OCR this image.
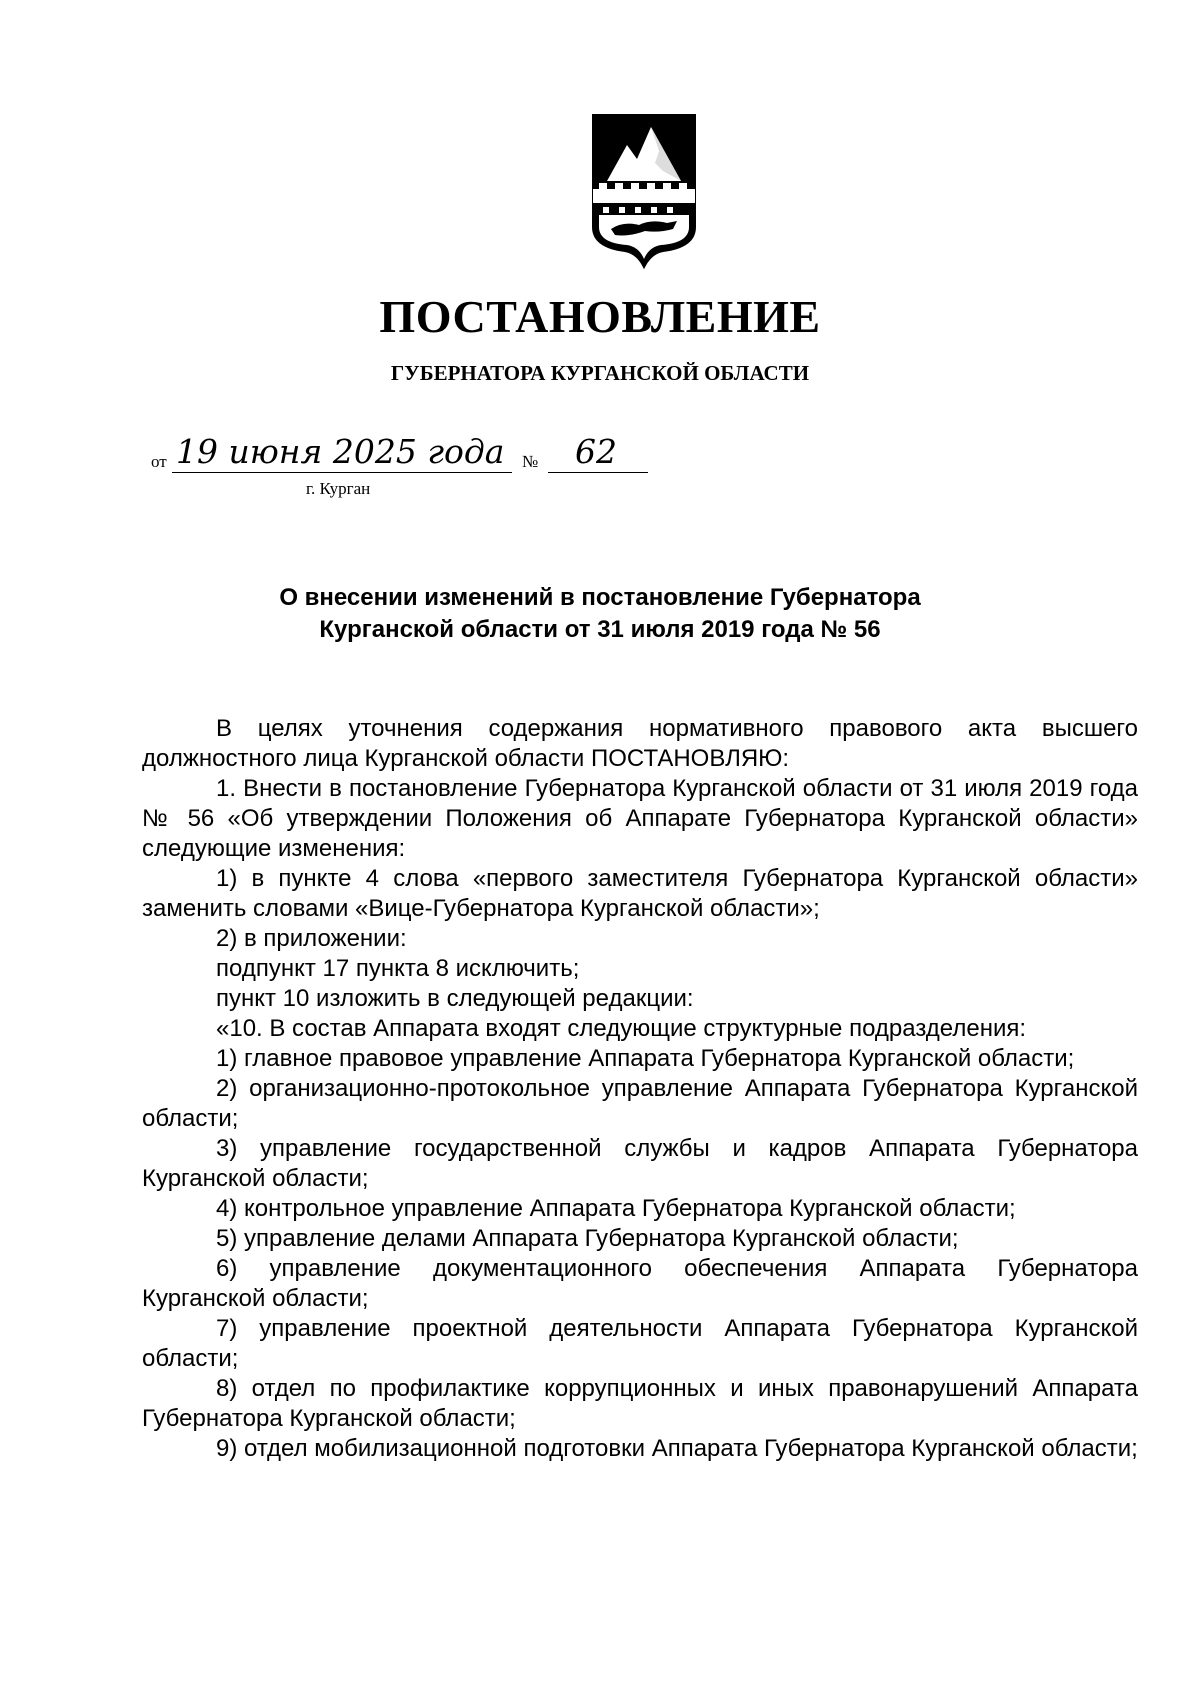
ПОСТАНОВЛЕНИЕ
ГУБЕРНАТОРА КУРГАНСКОЙ ОБЛАСТИ
от 19 июня 2025 года № 62
г. Курган
О внесении изменений в постановление Губернатора
Курганской области от 31 июля 2019 года № 56

В целях уточнения содержания нормативного правового акта высшего должностного лица Курганской области ПОСТАНОВЛЯЮ:

1. Внести в постановление Губернатора Курганской области от 31 июля 2019 года № 56 «Об утверждении Положения об Аппарате Губернатора Курганской области» следующие изменения:

1) в пункте 4 слова «первого заместителя Губернатора Курганской области» заменить словами «Вице-Губернатора Курганской области»;

2) в приложении:

подпункт 17 пункта 8 исключить;

пункт 10 изложить в следующей редакции:

«10. В состав Аппарата входят следующие структурные подразделения:

1) главное правовое управление Аппарата Губернатора Курганской области;

2) организационно-протокольное управление Аппарата Губернатора Курганской области;

3) управление государственной службы и кадров Аппарата Губернатора Курганской области;

4) контрольное управление Аппарата Губернатора Курганской области;

5) управление делами Аппарата Губернатора Курганской области;

6) управление документационного обеспечения Аппарата Губернатора Курганской области;

7) управление проектной деятельности Аппарата Губернатора Курганской области;

8) отдел по профилактике коррупционных и иных правонарушений Аппарата Губернатора Курганской области;

9) отдел мобилизационной подготовки Аппарата Губернатора Курганской области;
